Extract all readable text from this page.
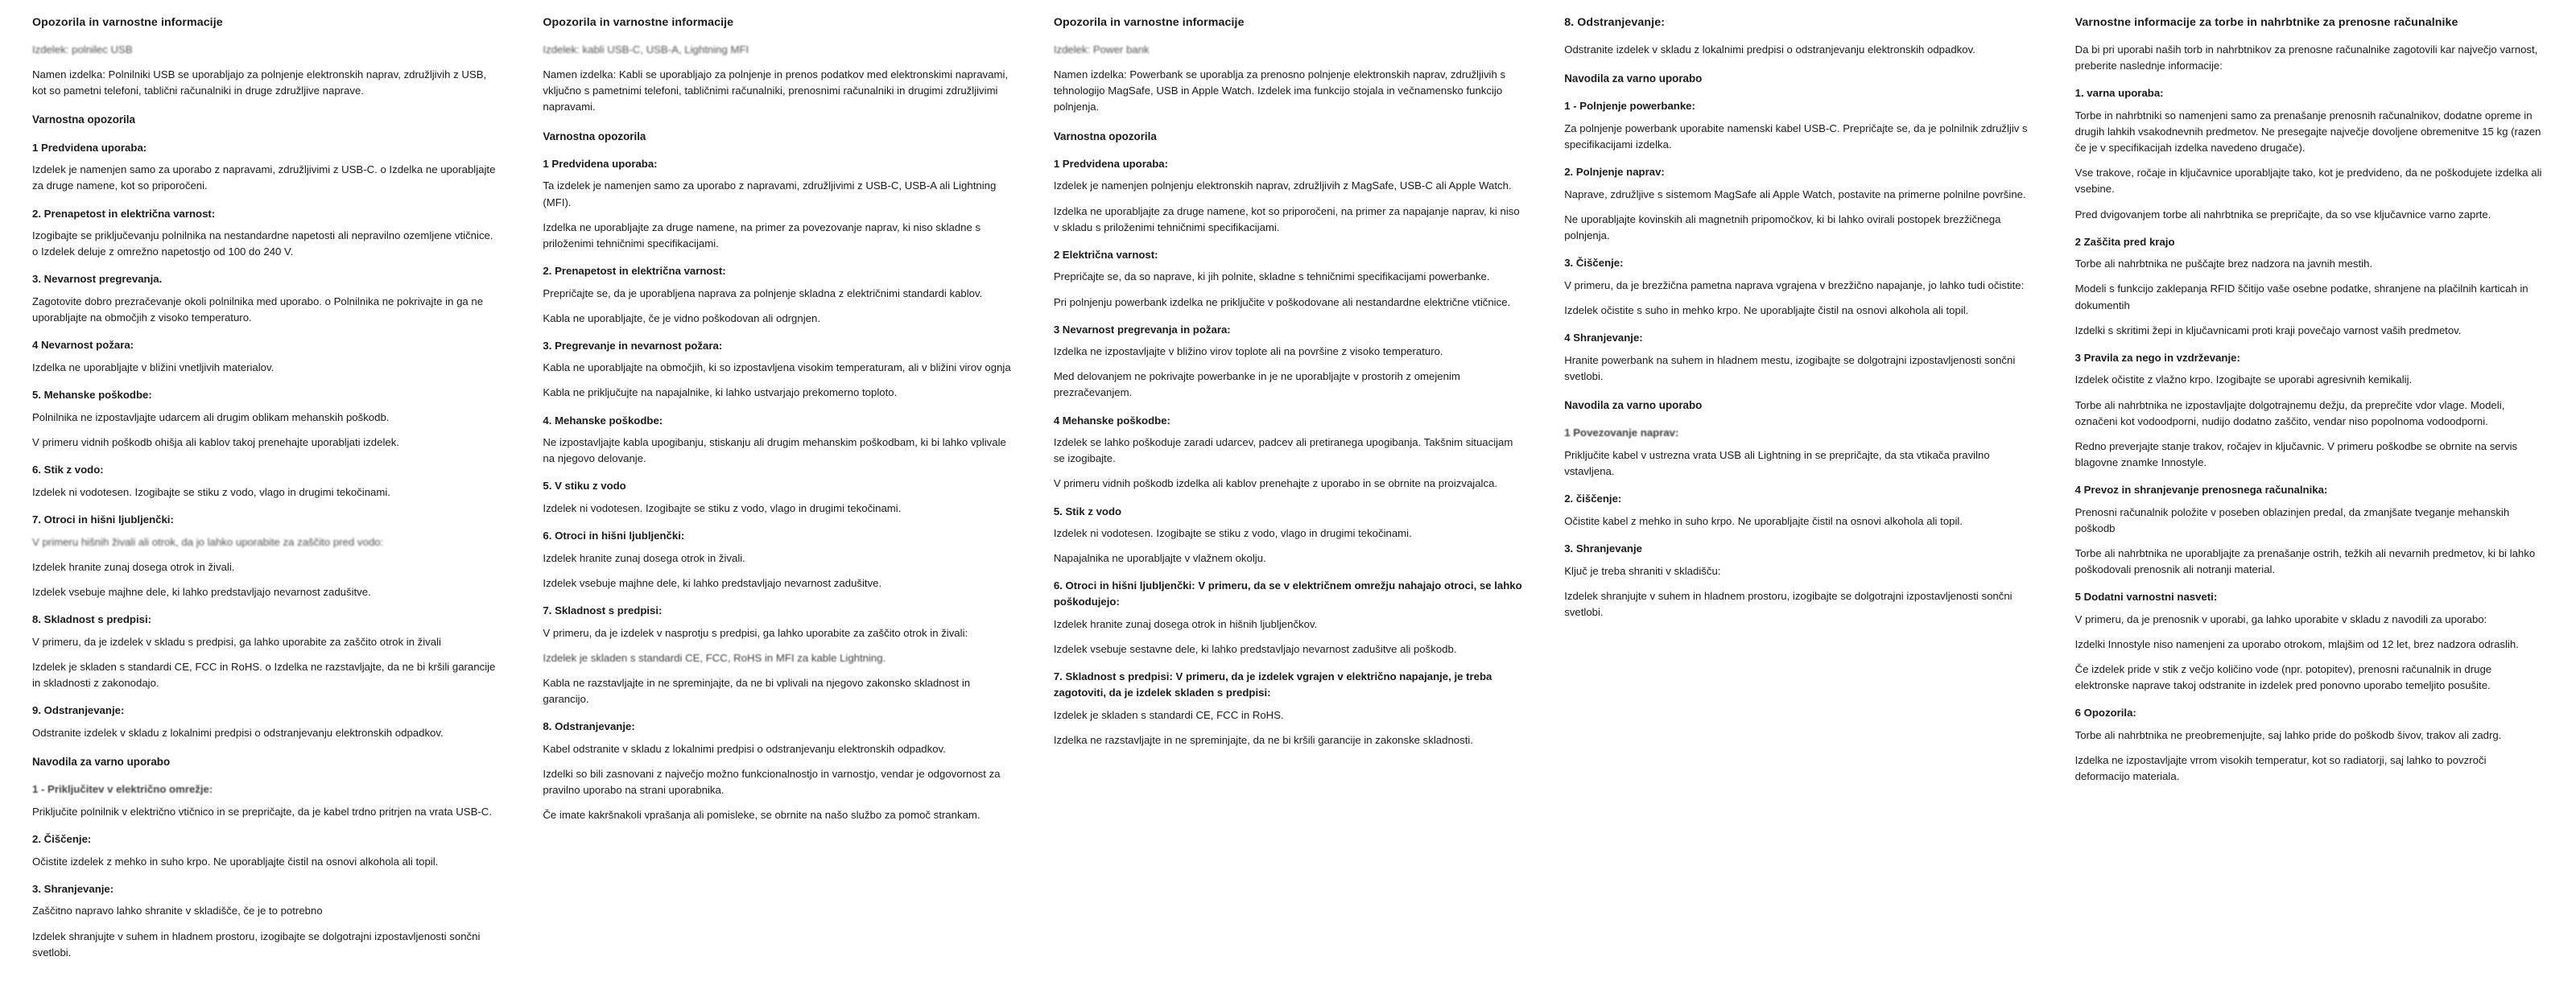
Opozorila in varnostne informacije
Izdelek: polnilec USB
Namen izdelka: Polnilniki USB se uporabljajo za polnjenje elektronskih naprav, združljivih z USB, kot so pametni telefoni, tablični računalniki in druge združljive naprave.
Varnostna opozorila
1 Predvidena uporaba:
Izdelek je namenjen samo za uporabo z napravami, združljivimi z USB-C. o Izdelka ne uporabljajte za druge namene, kot so priporočeni.
2. Prenapetost in električna varnost:
Izogibajte se priključevanju polnilnika na nestandardne napetosti ali nepravilno ozemljene vtičnice. o Izdelek deluje z omrežno napetostjo od 100 do 240 V.
3. Nevarnost pregrevanja.
Zagotovite dobro prezračevanje okoli polnilnika med uporabo. o Polnilnika ne pokrivajte in ga ne uporabljajte na območjih z visoko temperaturo.
4 Nevarnost požara:
Izdelka ne uporabljajte v bližini vnetljivih materialov.
5. Mehanske poškodbe:
Polnilnika ne izpostavljajte udarcem ali drugim oblikam mehanskih poškodb.
V primeru vidnih poškodb ohišja ali kablov takoj prenehajte uporabljati izdelek.
6. Stik z vodo:
Izdelek ni vodotesen. Izogibajte se stiku z vodo, vlago in drugimi tekočinami.
7. Otroci in hišni ljubljenčki:
V primeru hišnih živali ali otrok, da jo lahko uporabite za zaščito pred vodo:
Izdelek hranite zunaj dosega otrok in živali.
Izdelek vsebuje majhne dele, ki lahko predstavljajo nevarnost zadušitve.
8. Skladnost s predpisi:
V primeru, da je izdelek v skladu s predpisi, ga lahko uporabite za zaščito otrok in živali
Izdelek je skladen s standardi CE, FCC in RoHS. o Izdelka ne razstavljajte, da ne bi kršili garancije in skladnosti z zakonodajo.
9. Odstranjevanje:
Odstranite izdelek v skladu z lokalnimi predpisi o odstranjevanju elektronskih odpadkov.
Navodila za varno uporabo
1 - Priključitev v električno omrežje:
Priključite polnilnik v električno vtičnico in se prepričajte, da je kabel trdno pritrjen na vrata USB-C.
2. Čiščenje:
Očistite izdelek z mehko in suho krpo. Ne uporabljajte čistil na osnovi alkohola ali topil.
3. Shranjevanje:
Zaščitno napravo lahko shranite v skladišče, če je to potrebno
Izdelek shranjujte v suhem in hladnem prostoru, izogibajte se dolgotrajni izpostavljenosti sončni svetlobi.
Opozorila in varnostne informacije
Izdelek: kabli USB-C, USB-A, Lightning MFI
Namen izdelka: Kabli se uporabljajo za polnjenje in prenos podatkov med elektronskimi napravami, vključno s pametnimi telefoni, tabličnimi računalniki, prenosnimi računalniki in drugimi združljivimi napravami.
Varnostna opozorila
1 Predvidena uporaba:
Ta izdelek je namenjen samo za uporabo z napravami, združljivimi z USB-C, USB-A ali Lightning (MFI).
Izdelka ne uporabljajte za druge namene, na primer za povezovanje naprav, ki niso skladne s priloženimi tehničnimi specifikacijami.
2. Prenapetost in električna varnost:
Prepričajte se, da je uporabljena naprava za polnjenje skladna z električnimi standardi kablov.
Kabla ne uporabljajte, če je vidno poškodovan ali odrgnjen.
3. Pregrevanje in nevarnost požara:
Kabla ne uporabljajte na območjih, ki so izpostavljena visokim temperaturam, ali v bližini virov ognja
Kabla ne priključujte na napajalnike, ki lahko ustvarjajo prekomerno toploto.
4. Mehanske poškodbe:
Ne izpostavljajte kabla upogibanju, stiskanju ali drugim mehanskim poškodbam, ki bi lahko vplivale na njegovo delovanje.
5. V stiku z vodo
Izdelek ni vodotesen. Izogibajte se stiku z vodo, vlago in drugimi tekočinami.
6. Otroci in hišni ljubljenčki:
Izdelek hranite zunaj dosega otrok in živali.
Izdelek vsebuje majhne dele, ki lahko predstavljajo nevarnost zadušitve.
7. Skladnost s predpisi:
V primeru, da je izdelek v nasprotju s predpisi, ga lahko uporabite za zaščito otrok in živali:
Izdelek je skladen s standardi CE, FCC, RoHS in MFI za kable Lightning.
Kabla ne razstavljajte in ne spreminjajte, da ne bi vplivali na njegovo zakonsko skladnost in garancijo.
8. Odstranjevanje:
Kabel odstranite v skladu z lokalnimi predpisi o odstranjevanju elektronskih odpadkov.
Izdelki so bili zasnovani z največjo možno funkcionalnostjo in varnostjo, vendar je odgovornost za pravilno uporabo na strani uporabnika.
Če imate kakršnakoli vprašanja ali pomisleke, se obrnite na našo službo za pomoč strankam.
Opozorila in varnostne informacije
Izdelek: Power bank
Namen izdelka: Powerbank se uporablja za prenosno polnjenje elektronskih naprav, združljivih s tehnologijo MagSafe, USB in Apple Watch. Izdelek ima funkcijo stojala in večnamensko funkcijo polnjenja.
Varnostna opozorila
1 Predvidena uporaba:
Izdelek je namenjen polnjenju elektronskih naprav, združljivih z MagSafe, USB-C ali Apple Watch.
Izdelka ne uporabljajte za druge namene, kot so priporočeni, na primer za napajanje naprav, ki niso v skladu s priloženimi tehničnimi specifikacijami.
2 Električna varnost:
Prepričajte se, da so naprave, ki jih polnite, skladne s tehničnimi specifikacijami powerbanke.
Pri polnjenju powerbank izdelka ne priključite v poškodovane ali nestandardne električne vtičnice.
3 Nevarnost pregrevanja in požara:
Izdelka ne izpostavljajte v bližino virov toplote ali na površine z visoko temperaturo.
Med delovanjem ne pokrivajte powerbanke in je ne uporabljajte v prostorih z omejenim prezračevanjem.
4 Mehanske poškodbe:
Izdelek se lahko poškoduje zaradi udarcev, padcev ali pretiranega upogibanja. Takšnim situacijam se izogibajte.
V primeru vidnih poškodb izdelka ali kablov prenehajte z uporabo in se obrnite na proizvajalca.
5. Stik z vodo
Izdelek ni vodotesen. Izogibajte se stiku z vodo, vlago in drugimi tekočinami.
Napajalnika ne uporabljajte v vlažnem okolju.
6. Otroci in hišni ljubljenčki: V primeru, da se v električnem omrežju nahajajo otroci, se lahko poškodujejo:
Izdelek hranite zunaj dosega otrok in hišnih ljubljenčkov.
Izdelek vsebuje sestavne dele, ki lahko predstavljajo nevarnost zadušitve ali poškodb.
7. Skladnost s predpisi: V primeru, da je izdelek vgrajen v električno napajanje, je treba zagotoviti, da je izdelek skladen s predpisi:
Izdelek je skladen s standardi CE, FCC in RoHS.
Izdelka ne razstavljajte in ne spreminjajte, da ne bi kršili garancije in zakonske skladnosti.
8. Odstranjevanje:
Odstranite izdelek v skladu z lokalnimi predpisi o odstranjevanju elektronskih odpadkov.
Navodila za varno uporabo
1 - Polnjenje powerbanke:
Za polnjenje powerbank uporabite namenski kabel USB-C. Prepričajte se, da je polnilnik združljiv s specifikacijami izdelka.
2. Polnjenje naprav:
Naprave, združljive s sistemom MagSafe ali Apple Watch, postavite na primerne polnilne površine.
Ne uporabljajte kovinskih ali magnetnih pripomočkov, ki bi lahko ovirali postopek brezžičnega polnjenja.
3. Čiščenje:
V primeru, da je brezžična pametna naprava vgrajena v brezžično napajanje, jo lahko tudi očistite:
Izdelek očistite s suho in mehko krpo. Ne uporabljajte čistil na osnovi alkohola ali topil.
4 Shranjevanje:
Hranite powerbank na suhem in hladnem mestu, izogibajte se dolgotrajni izpostavljenosti sončni svetlobi.
Navodila za varno uporabo
1 Povezovanje naprav:
Priključite kabel v ustrezna vrata USB ali Lightning in se prepričajte, da sta vtikača pravilno vstavljena.
2. čiščenje:
Očistite kabel z mehko in suho krpo. Ne uporabljajte čistil na osnovi alkohola ali topil.
3. Shranjevanje
Ključ je treba shraniti v skladišču:
Izdelek shranjujte v suhem in hladnem prostoru, izogibajte se dolgotrajni izpostavljenosti sončni svetlobi.
Varnostne informacije za torbe in nahrbtnike za prenosne računalnike
Da bi pri uporabi naših torb in nahrbtnikov za prenosne računalnike zagotovili kar največjo varnost, preberite naslednje informacije:
1. varna uporaba:
Torbe in nahrbtniki so namenjeni samo za prenašanje prenosnih računalnikov, dodatne opreme in drugih lahkih vsakodnevnih predmetov. Ne presegajte največje dovoljene obremenitve 15 kg (razen če je v specifikacijah izdelka navedeno drugače).
Vse trakove, ročaje in ključavnice uporabljajte tako, kot je predvideno, da ne poškodujete izdelka ali vsebine.
Pred dvigovanjem torbe ali nahrbtnika se prepričajte, da so vse ključavnice varno zaprte.
2 Zaščita pred krajo
Torbe ali nahrbtnika ne puščajte brez nadzora na javnih mestih.
Modeli s funkcijo zaklepanja RFID ščitijo vaše osebne podatke, shranjene na plačilnih karticah in dokumentih
Izdelki s skritimi žepi in ključavnicami proti kraji povečajo varnost vaših predmetov.
3 Pravila za nego in vzdrževanje:
Izdelek očistite z vlažno krpo. Izogibajte se uporabi agresivnih kemikalij.
Torbe ali nahrbtnika ne izpostavljajte dolgotrajnemu dežju, da preprečite vdor vlage. Modeli, označeni kot vodoodporni, nudijo dodatno zaščito, vendar niso popolnoma vodoodporni.
Redno preverjajte stanje trakov, ročajev in ključavnic. V primeru poškodbe se obrnite na servis blagovne znamke Innostyle.
4 Prevoz in shranjevanje prenosnega računalnika:
Prenosni računalnik položite v poseben oblazinjen predal, da zmanjšate tveganje mehanskih poškodb
Torbe ali nahrbtnika ne uporabljajte za prenašanje ostrih, težkih ali nevarnih predmetov, ki bi lahko poškodovali prenosnik ali notranji material.
5 Dodatni varnostni nasveti:
V primeru, da je prenosnik v uporabi, ga lahko uporabite v skladu z navodili za uporabo:
Izdelki Innostyle niso namenjeni za uporabo otrokom, mlajšim od 12 let, brez nadzora odraslih.
Če izdelek pride v stik z večjo količino vode (npr. potopitev), prenosni računalnik in druge elektronske naprave takoj odstranite in izdelek pred ponovno uporabo temeljito posušite.
6 Opozorila:
Torbe ali nahrbtnika ne preobremenjujte, saj lahko pride do poškodb šivov, trakov ali zadrg.
Izdelka ne izpostavljajte vrrom visokih temperatur, kot so radiatorji, saj lahko to povzroči deformacijo materiala.
